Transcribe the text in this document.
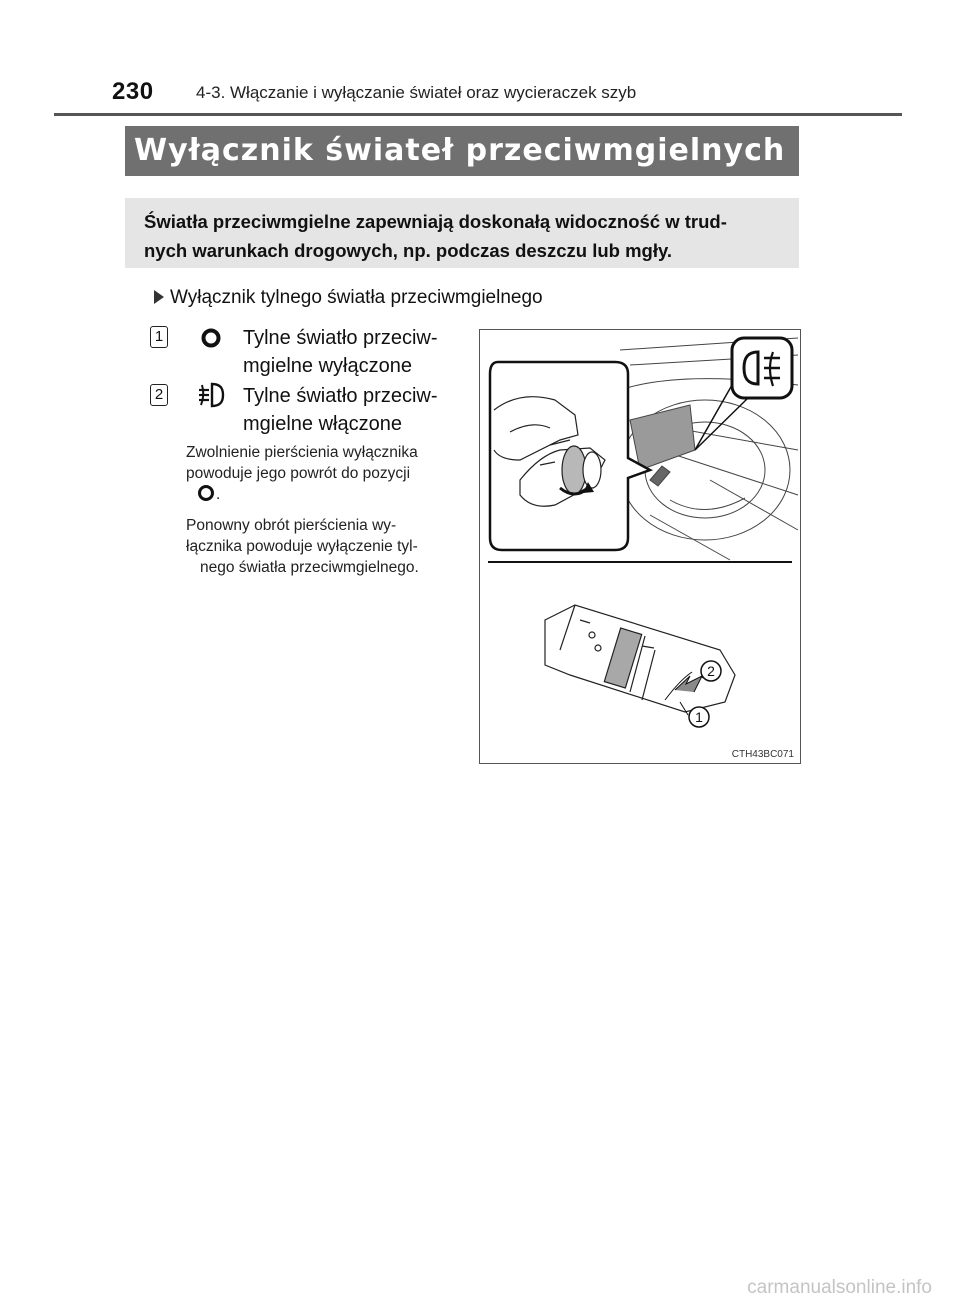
230 4-3. Włączanie i wyłączanie świateł oraz wycieraczek szyb
Wyłącznik świateł przeciwmgielnych
Światła przeciwmgielne zapewniają doskonałą widoczność w trud-
nych warunkach drogowych, np. podczas deszczu lub mgły.
Wyłącznik tylnego światła przeciwmgielnego
1	Tylne światło przeciw-
mgielne wyłączone
2	Tylne światło przeciw-
mgielne włączone
Zwolnienie pierścienia wyłącznika
powoduje jego powrót do pozycji
.
Ponowny obrót pierścienia wy-
łącznika powoduje wyłączenie tyl-
nego światła przeciwmgielnego.
2
1
CTH43BC071
carmanualsonline.info
